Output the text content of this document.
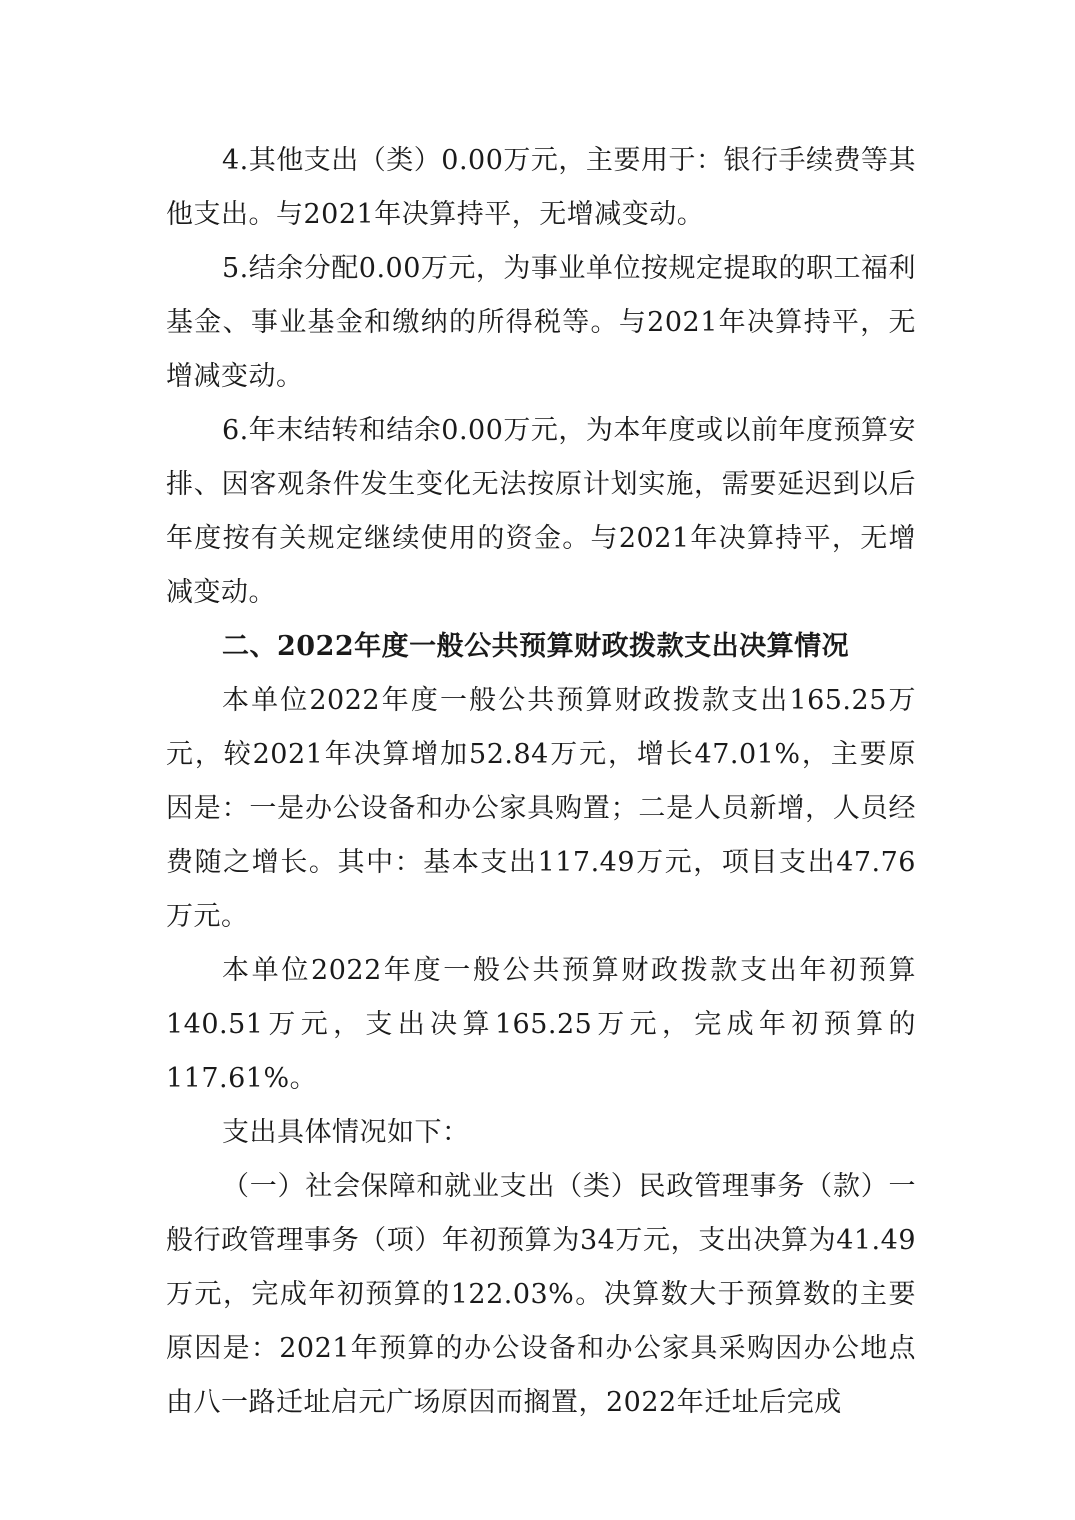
4.其他支出（类）0.00万元，主要用于：银行手续费等其他支出。与2021年决算持平，无增减变动。

5.结余分配0.00万元，为事业单位按规定提取的职工福利基金、事业基金和缴纳的所得税等。与2021年决算持平，无增减变动。

6.年末结转和结余0.00万元，为本年度或以前年度预算安排、因客观条件发生变化无法按原计划实施，需要延迟到以后年度按有关规定继续使用的资金。与2021年决算持平，无增减变动。

二、2022年度一般公共预算财政拨款支出决算情况

本单位2022年度一般公共预算财政拨款支出165.25万元，较2021年决算增加52.84万元，增长47.01%，主要原因是：一是办公设备和办公家具购置；二是人员新增，人员经费随之增长。其中：基本支出117.49万元，项目支出47.76万元。

本单位2022年度一般公共预算财政拨款支出年初预算140.51万元，支出决算165.25万元，完成年初预算的117.61%。

支出具体情况如下：

（一）社会保障和就业支出（类）民政管理事务（款）一般行政管理事务（项）年初预算为34万元，支出决算为41.49万元，完成年初预算的122.03%。决算数大于预算数的主要原因是：2021年预算的办公设备和办公家具采购因办公地点由八一路迁址启元广场原因而搁置，2022年迁址后完成
